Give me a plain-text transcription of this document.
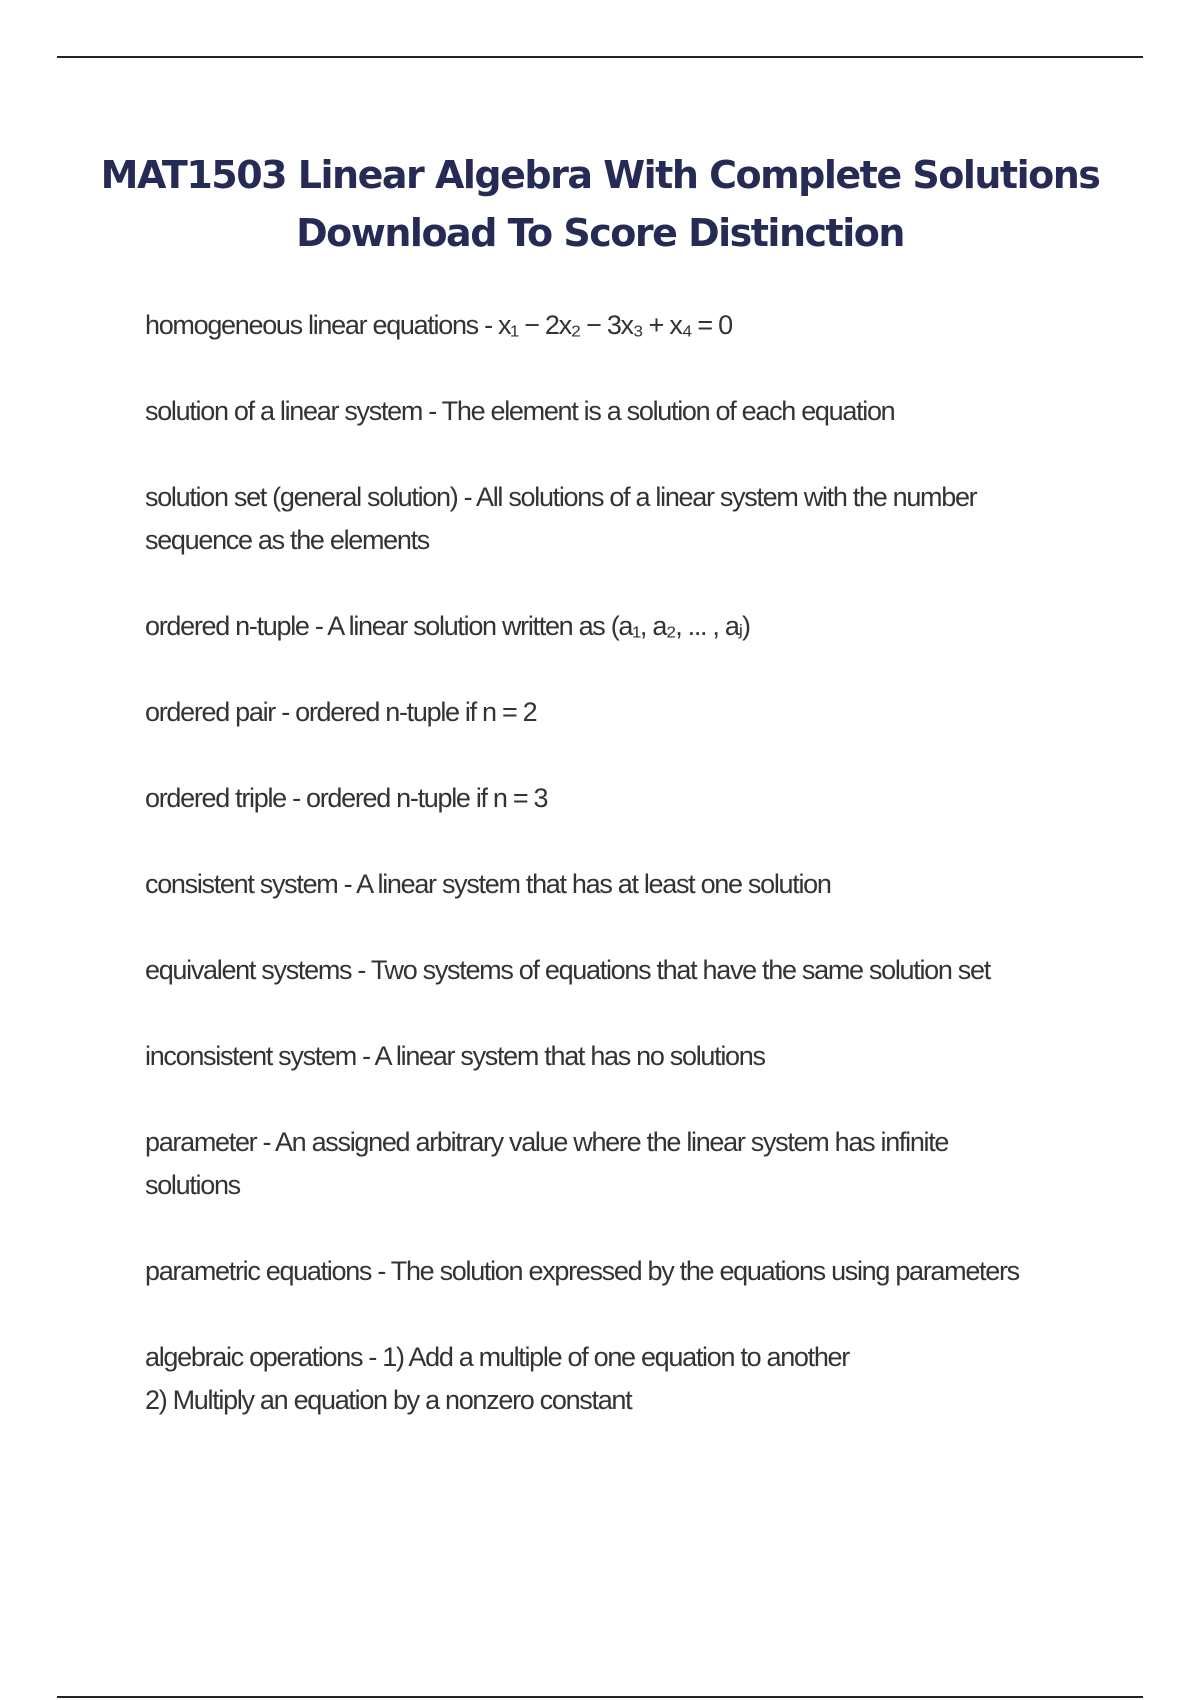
MAT1503 Linear Algebra With Complete Solutions
Download To Score Distinction
homogeneous linear equations - x₁ − 2x₂ − 3x₃ + x₄ = 0
solution of a linear system - The element is a solution of each equation
solution set (general solution) - All solutions of a linear system with the number
sequence as the elements
ordered n-tuple - A linear solution written as (a₁, a₂, ... , aⱼ)
ordered pair - ordered n-tuple if n = 2
ordered triple - ordered n-tuple if n = 3
consistent system - A linear system that has at least one solution
equivalent systems - Two systems of equations that have the same solution set
inconsistent system - A linear system that has no solutions
parameter - An assigned arbitrary value where the linear system has infinite
solutions
parametric equations - The solution expressed by the equations using parameters
algebraic operations - 1) Add a multiple of one equation to another
2) Multiply an equation by a nonzero constant
